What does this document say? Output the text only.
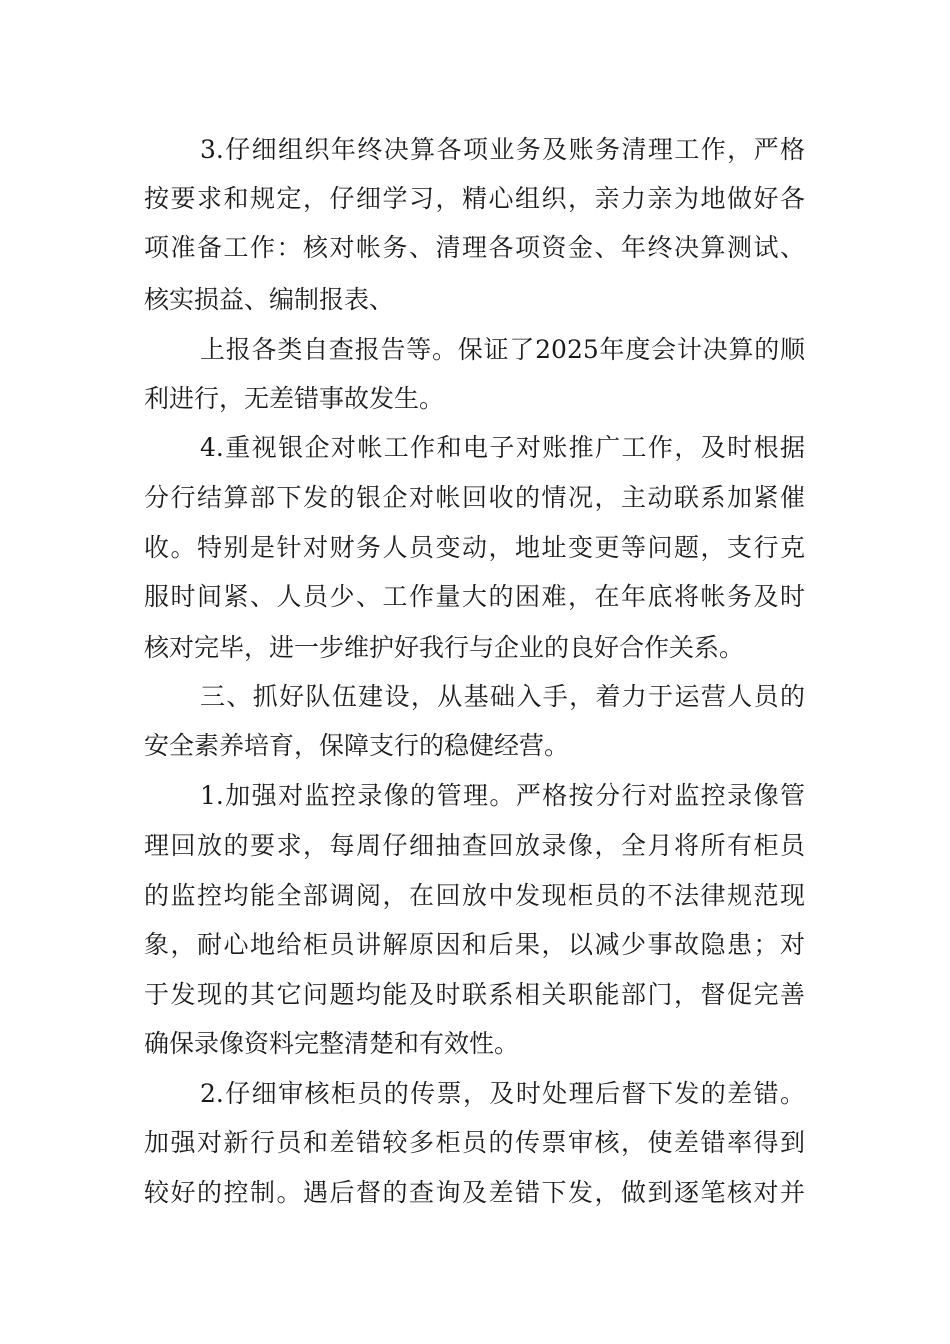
3.仔细组织年终决算各项业务及账务清理工作，严格
按要求和规定，仔细学习，精心组织，亲力亲为地做好各
项准备工作：核对帐务、清理各项资金、年终决算测试、
核实损益、编制报表、
上报各类自查报告等。保证了2025年度会计决算的顺
利进行，无差错事故发生。
4.重视银企对帐工作和电子对账推广工作，及时根据
分行结算部下发的银企对帐回收的情况，主动联系加紧催
收。特别是针对财务人员变动，地址变更等问题，支行克
服时间紧、人员少、工作量大的困难，在年底将帐务及时
核对完毕，进一步维护好我行与企业的良好合作关系。
三、抓好队伍建设，从基础入手，着力于运营人员的
安全素养培育，保障支行的稳健经营。
1.加强对监控录像的管理。严格按分行对监控录像管
理回放的要求，每周仔细抽查回放录像，全月将所有柜员
的监控均能全部调阅，在回放中发现柜员的不法律规范现
象，耐心地给柜员讲解原因和后果，以减少事故隐患；对
于发现的其它问题均能及时联系相关职能部门，督促完善
确保录像资料完整清楚和有效性。
2.仔细审核柜员的传票，及时处理后督下发的差错。
加强对新行员和差错较多柜员的传票审核，使差错率得到
较好的控制。遇后督的查询及差错下发，做到逐笔核对并
